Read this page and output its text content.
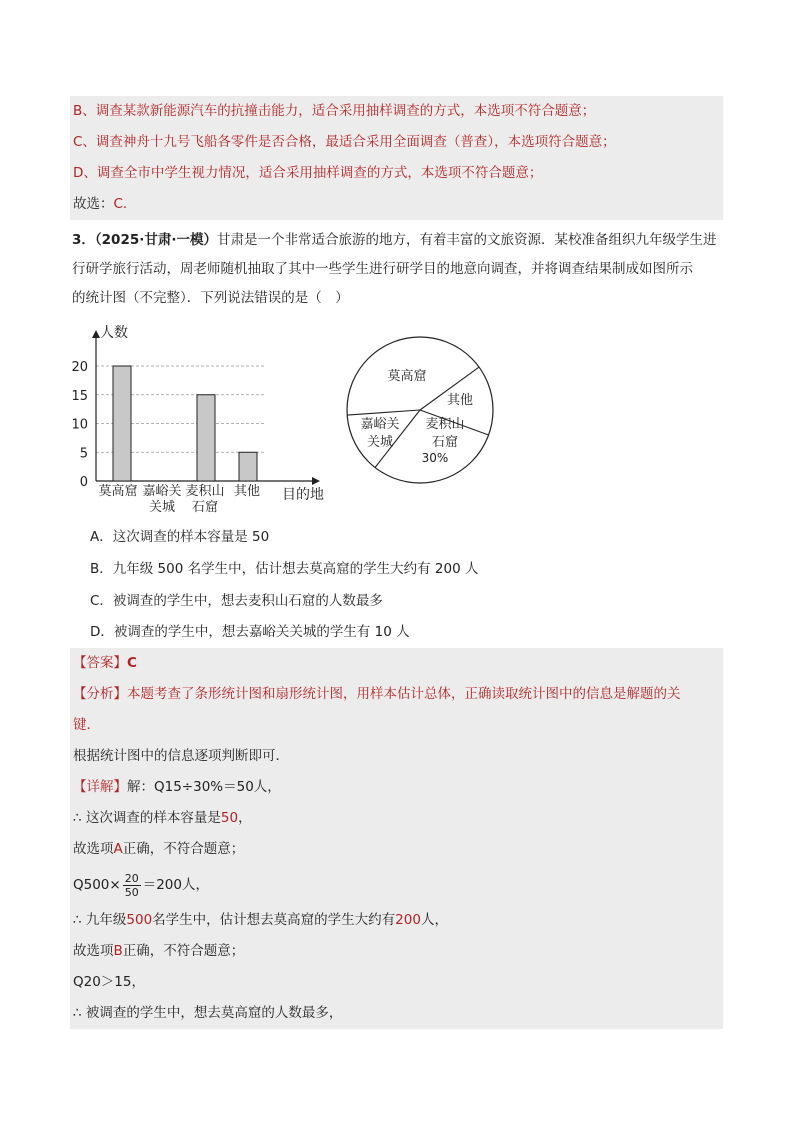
B、调查某款新能源汽车的抗撞击能力，适合采用抽样调查的方式，本选项不符合题意；
C、调查神舟十九号飞船各零件是否合格，最适合采用全面调查（普查），本选项符合题意；
D、调查全市中学生视力情况，适合采用抽样调查的方式，本选项不符合题意；
故选：C.
3．（2025·甘肃·一模）甘肃是一个非常适合旅游的地方，有着丰富的文旅资源．某校准备组织九年级学生进
行研学旅行活动，周老师随机抽取了其中一些学生进行研学目的地意向调查，并将调查结果制成如图所示
的统计图（不完整）．下列说法错误的是（　）
0
5
10
15
20
人数
目的地
莫高窟 嘉峪关
关城
麦积山
石窟
其他
莫高窟
其他
麦积山
石窟
嘉峪关
关城
30%
A．这次调查的样本容量是 50
B．九年级 500 名学生中，估计想去莫高窟的学生大约有 200 人
C．被调查的学生中，想去麦积山石窟的人数最多
D．被调查的学生中，想去嘉峪关关城的学生有 10 人
【答案】C
【分析】本题考查了条形统计图和扇形统计图，用样本估计总体，正确读取统计图中的信息是解题的关
键．
根据统计图中的信息逐项判断即可．
【详解】解：Q15÷30%＝50人，
∴ 这次调查的样本容量是50，
故选项A正确，不符合题意；
$Q500\times \frac{20}{50} =200$人，
∴ 九年级500名学生中，估计想去莫高窟的学生大约有200人，
故选项B正确，不符合题意；
Q20＞15，
∴ 被调查的学生中，想去莫高窟的人数最多，
